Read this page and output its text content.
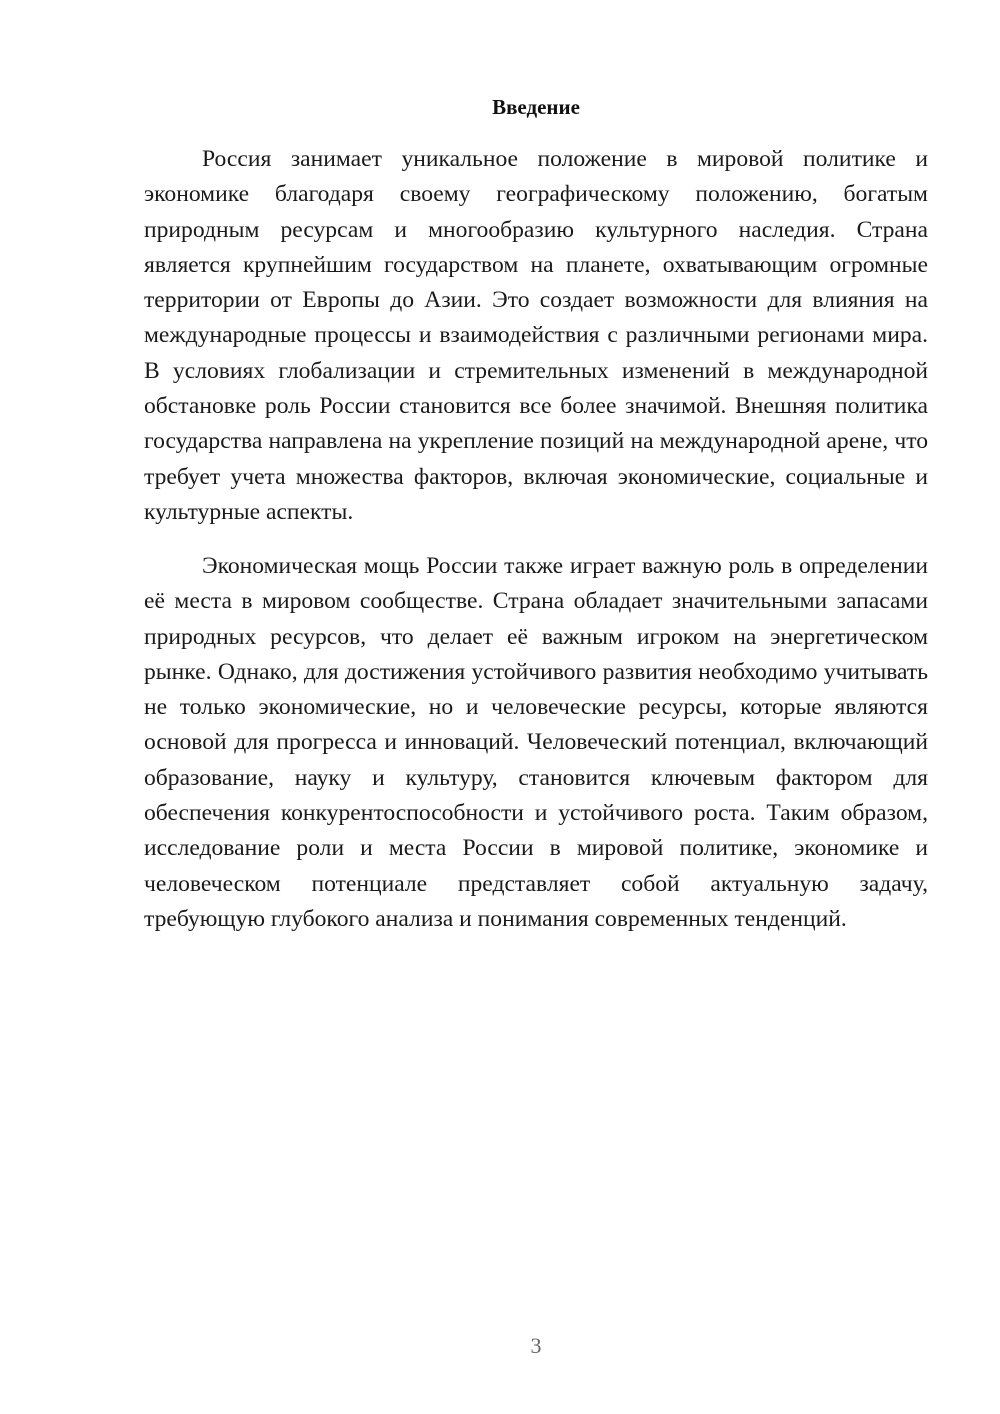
Введение

Россия занимает уникальное положение в мировой политике и экономике благодаря своему географическому положению, богатым природным ресурсам и многообразию культурного наследия. Страна является крупнейшим государством на планете, охватывающим огромные территории от Европы до Азии. Это создает возможности для влияния на международные процессы и взаимодействия с различными регионами мира. В условиях глобализации и стремительных изменений в международной обстановке роль России становится все более значимой. Внешняя политика государства направлена на укрепление позиций на международной арене, что требует учета множества факторов, включая экономические, социальные и культурные аспекты.

Экономическая мощь России также играет важную роль в определении её места в мировом сообществе. Страна обладает значительными запасами природных ресурсов, что делает её важным игроком на энергетическом рынке. Однако, для достижения устойчивого развития необходимо учитывать не только экономические, но и человеческие ресурсы, которые являются основой для прогресса и инноваций. Человеческий потенциал, включающий образование, науку и культуру, становится ключевым фактором для обеспечения конкурентоспособности и устойчивого роста. Таким образом, исследование роли и места России в мировой политике, экономике и человеческом потенциале представляет собой актуальную задачу, требующую глубокого анализа и понимания современных тенденций.

3
